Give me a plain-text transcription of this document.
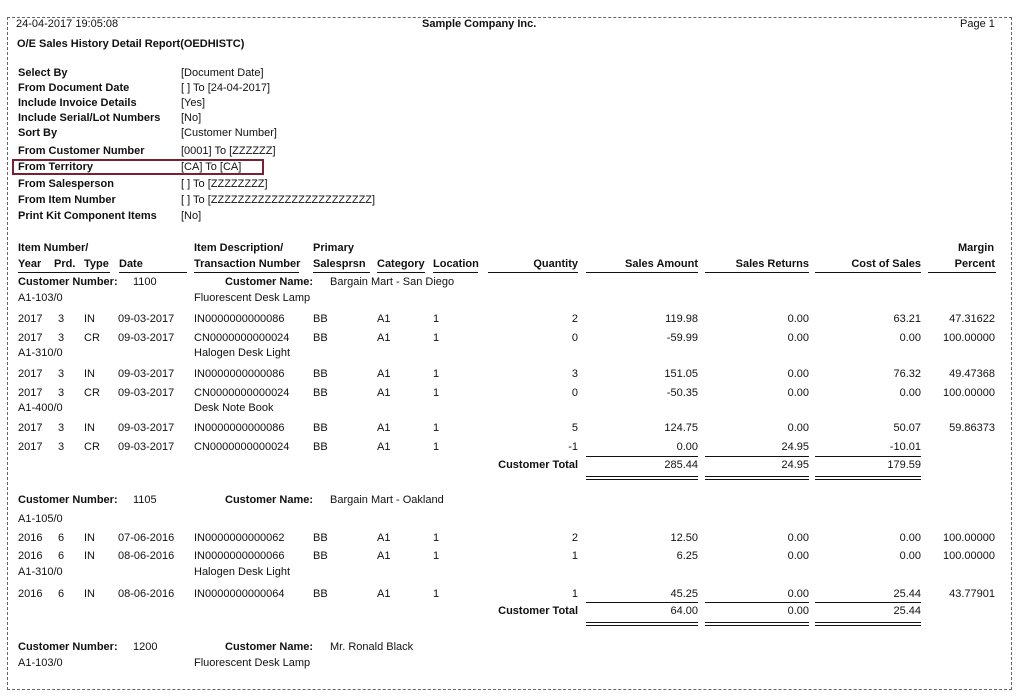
24-04-2017 19:05:08	Sample Company Inc.	Page 1
O/E Sales History Detail Report(OEDHISTC)
Select By	[Document Date]
From Document Date	[ ] To [24-04-2017]
Include Invoice Details	[Yes]
Include Serial/Lot Numbers [No]
Sort By	[Customer Number]
From Customer Number	[0001] To [ZZZZZZ]
From Territory	[CA] To [CA]
From Salesperson	[ ] To [ZZZZZZZZ]
From Item Number	[ ] To [ZZZZZZZZZZZZZZZZZZZZZZZZ]
Print Kit Component Items [No]
Item Number/	Item Description/	Primary	Margin
Year Prd. Type Date	Transaction Number Salesprsn Category Location	Quantity	Sales Amount	Sales Returns	Cost of Sales	Percent
Customer Number: 1100	Customer Name: Bargain Mart - San Diego
A1-103/0	Fluorescent Desk Lamp
2017 3 IN 09-03-2017 IN0000000000086	BB	A1	1	2	119.98	0.00	63.21	47.31622
2017 3 CR 09-03-2017 CN0000000000024 BB	A1	1	0	-59.99	0.00	0.00	100.00000
A1-310/0	Halogen Desk Light
2017 3 IN 09-03-2017 IN0000000000086	BB	A1	1	3	151.05	0.00	76.32	49.47368
2017 3 CR 09-03-2017 CN0000000000024 BB	A1	1	0	-50.35	0.00	0.00	100.00000
A1-400/0	Desk Note Book
2017 3 IN 09-03-2017 IN0000000000086	BB	A1	1	5	124.75	0.00	50.07	59.86373
2017 3 CR 09-03-2017 CN0000000000024 BB	A1	1	-1	0.00	24.95	-10.01
Customer Total	285.44	24.95	179.59
Customer Number: 1105	Customer Name: Bargain Mart - Oakland
A1-105/0
2016 6 IN 07-06-2016 IN0000000000062	BB	A1	1	2	12.50	0.00	0.00	100.00000
2016 6 IN 08-06-2016 IN0000000000066	BB	A1	1	1	6.25	0.00	0.00	100.00000
A1-310/0	Halogen Desk Light
2016 6 IN 08-06-2016 IN0000000000064	BB	A1	1	1	45.25	0.00	25.44	43.77901
Customer Total	64.00	0.00	25.44
Customer Number: 1200	Customer Name: Mr. Ronald Black
A1-103/0	Fluorescent Desk Lamp
